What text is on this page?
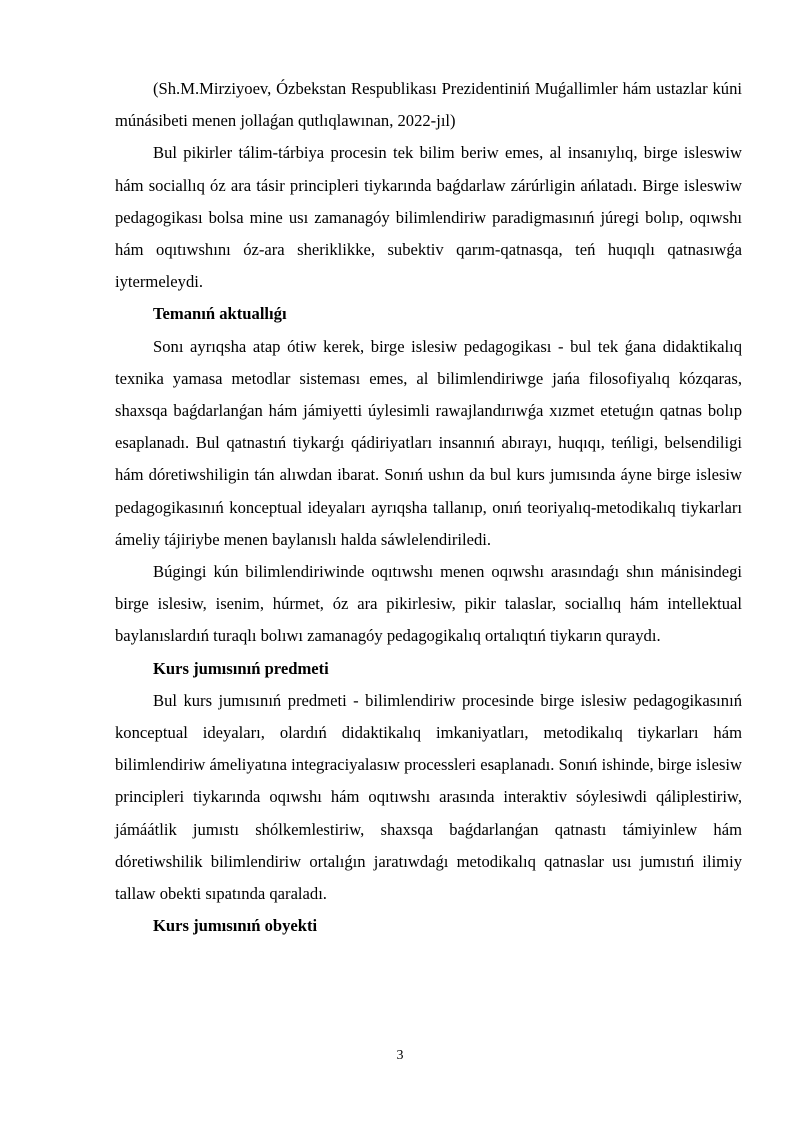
(Sh.M.Mirziyoev, Ózbekstan Respublikası Prezidentiniń Muǵallimler hám ustazlar kúni múnásibeti menen jollaǵan qutlıqlawınan, 2022-jıl)

Bul pikirler tálim-tárbiya procesin tek bilim beriw emes, al insanıylıq, birge isleswiw hám sociallıq óz ara tásir principleri tiykarında baǵdarlaw zárúrligin ańlatadı. Birge isleswiw pedagogikası bolsa mine usı zamanagóy bilimlendiriw paradigmasınıń júregi bolıp, oqıwshı hám oqıtıwshını óz-ara sheriklikke, subektiv qarım-qatnasqa, teń huqıqlı qatnasıwǵa iytermeleydi.

Temanıń aktuallıǵı

Sonı ayrıqsha atap ótiw kerek, birge islesiw pedagogikası - bul tek ǵana didaktikalıq texnika yamasa metodlar sisteması emes, al bilimlendiriwge jańa filosofiyalıq kózqaras, shaxsqa baǵdarlanǵan hám jámiyetti úylesimli rawajlandırıwǵa xızmet etetuǵın qatnas bolıp esaplanadı. Bul qatnastıń tiykarǵı qádiriyatları insannıń abırayı, huqıqı, teńligi, belsendiligi hám dóretiwshiligin tán alıwdan ibarat. Sonıń ushın da bul kurs jumısında áyne birge islesiw pedagogikasınıń konceptual ideyaları ayrıqsha tallanıp, onıń teoriyalıq-metodikalıq tiykarları ámeliy tájiriybe menen baylanıslı halda sáwlelendiriledi.

Búgingi kún bilimlendiriwinde oqıtıwshı menen oqıwshı arasındaǵı shın mánisindegi birge islesiw, isenim, húrmet, óz ara pikirlesiw, pikir talaslar, sociallıq hám intellektual baylanıslardıń turaqlı bolıwı zamanagóy pedagogikalıq ortalıqtıń tiykarın quraydı.

Kurs jumısınıń predmeti

Bul kurs jumısınıń predmeti - bilimlendiriw procesinde birge islesiw pedagogikasınıń konceptual ideyaları, olardıń didaktikalıq imkaniyatları, metodikalıq tiykarları hám bilimlendiriw ámeliyatına integraciyalasıw processleri esaplanadı. Sonıń ishinde, birge islesiw principleri tiykarında oqıwshı hám oqıtıwshı arasında interaktiv sóylesiwdi qáliplestiriw, jámáátlik jumıstı shólkemlestiriw, shaxsqa baǵdarlanǵan qatnastı támiyinlew hám dóretiwshilik bilimlendiriw ortalıǵın jaratıwdaǵı metodikalıq qatnaslar usı jumıstıń ilimiy tallaw obekti sıpatında qaraladı.

Kurs jumısınıń obyekti

3
